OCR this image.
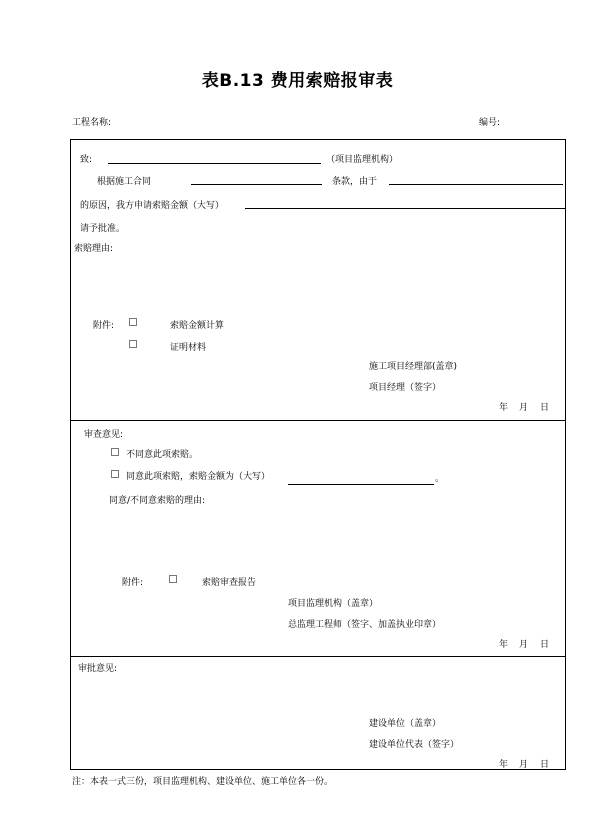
表B.13 费用索赔报审表
工程名称:	编号:
致:	（项目监理机构）
根据施工合同	条款，由于
的原因，我方申请索赔金额（大写）
请予批准。
索赔理由:
附件:	索赔金额计算
证明材料
施工项目经理部(盖章)
项目经理（签字）
年 月 日
审查意见:
不同意此项索赔。
同意此项索赔，索赔金额为（大写）	。
同意/不同意索赔的理由:
附件:	索赔审查报告
项目监理机构（盖章）
总监理工程师（签字、加盖执业印章）
年 月 日
审批意见:
建设单位（盖章）
建设单位代表（签字）
年 月 日
注：本表一式三份，项目监理机构、建设单位、施工单位各一份。
